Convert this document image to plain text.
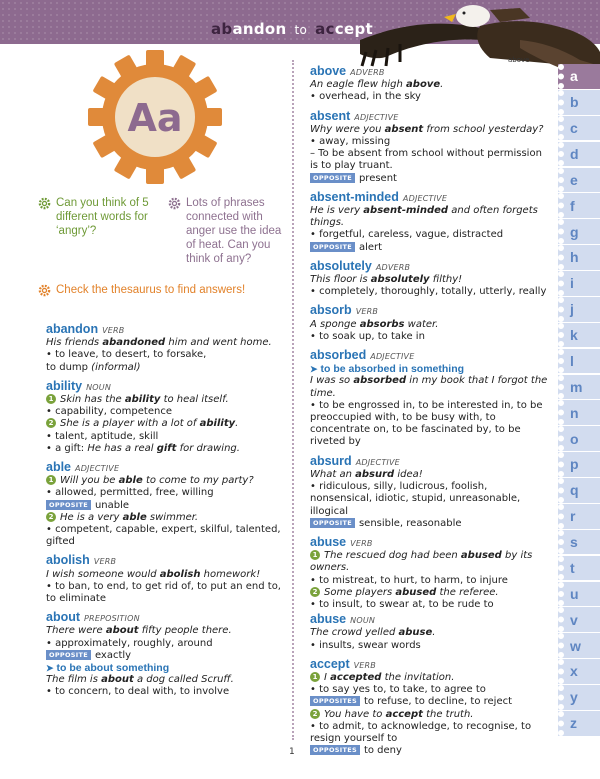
abandon to accept
above
Aa
Can you think of 5 different words for ‘angry’?
Lots of phrases connected with anger use the idea of heat. Can you think of any?
Check the thesaurus to find answers!
abandon VERB
His friends abandoned him and went home.
• to leave, to desert, to forsake,
to dump (informal)
ability NOUN
1 Skin has the ability to heal itself.
• capability, competence
2 She is a player with a lot of ability.
• talent, aptitude, skill
• a gift: He has a real gift for drawing.
able ADJECTIVE
1 Will you be able to come to my party?
• allowed, permitted, free, willing
OPPOSITE unable
2 He is a very able swimmer.
• competent, capable, expert, skilful, talented, gifted
abolish VERB
I wish someone would abolish homework!
• to ban, to end, to get rid of, to put an end to, to eliminate
about PREPOSITION
There were about fifty people there.
• approximately, roughly, around
OPPOSITE exactly
➤ to be about something
The film is about a dog called Scruff.
• to concern, to deal with, to involve
above ADVERB
An eagle flew high above.
• overhead, in the sky
absent ADJECTIVE
Why were you absent from school yesterday?
• away, missing
– To be absent from school without permission is to play truant.
OPPOSITE present
absent-minded ADJECTIVE
He is very absent-minded and often forgets things.
• forgetful, careless, vague, distracted
OPPOSITE alert
absolutely ADVERB
This floor is absolutely filthy!
• completely, thoroughly, totally, utterly, really
absorb VERB
A sponge absorbs water.
• to soak up, to take in
absorbed ADJECTIVE
➤ to be absorbed in something
I was so absorbed in my book that I forgot the time.
• to be engrossed in, to be interested in, to be preoccupied with, to be busy with, to concentrate on, to be fascinated by, to be riveted by
absurd ADJECTIVE
What an absurd idea!
• ridiculous, silly, ludicrous, foolish, nonsensical, idiotic, stupid, unreasonable, illogical
OPPOSITE sensible, reasonable
abuse VERB
1 The rescued dog had been abused by its owners.
• to mistreat, to hurt, to harm, to injure
2 Some players abused the referee.
• to insult, to swear at, to be rude to
abuse NOUN
The crowd yelled abuse.
• insults, swear words
accept VERB
1 I accepted the invitation.
• to say yes to, to take, to agree to
OPPOSITES to refuse, to decline, to reject
2 You have to accept the truth.
• to admit, to acknowledge, to recognise, to resign yourself to
OPPOSITES to deny
a
b
c
d
e
f
g
h
i
j
k
l
m
n
o
p
q
r
s
t
u
v
w
x
y
z
1
